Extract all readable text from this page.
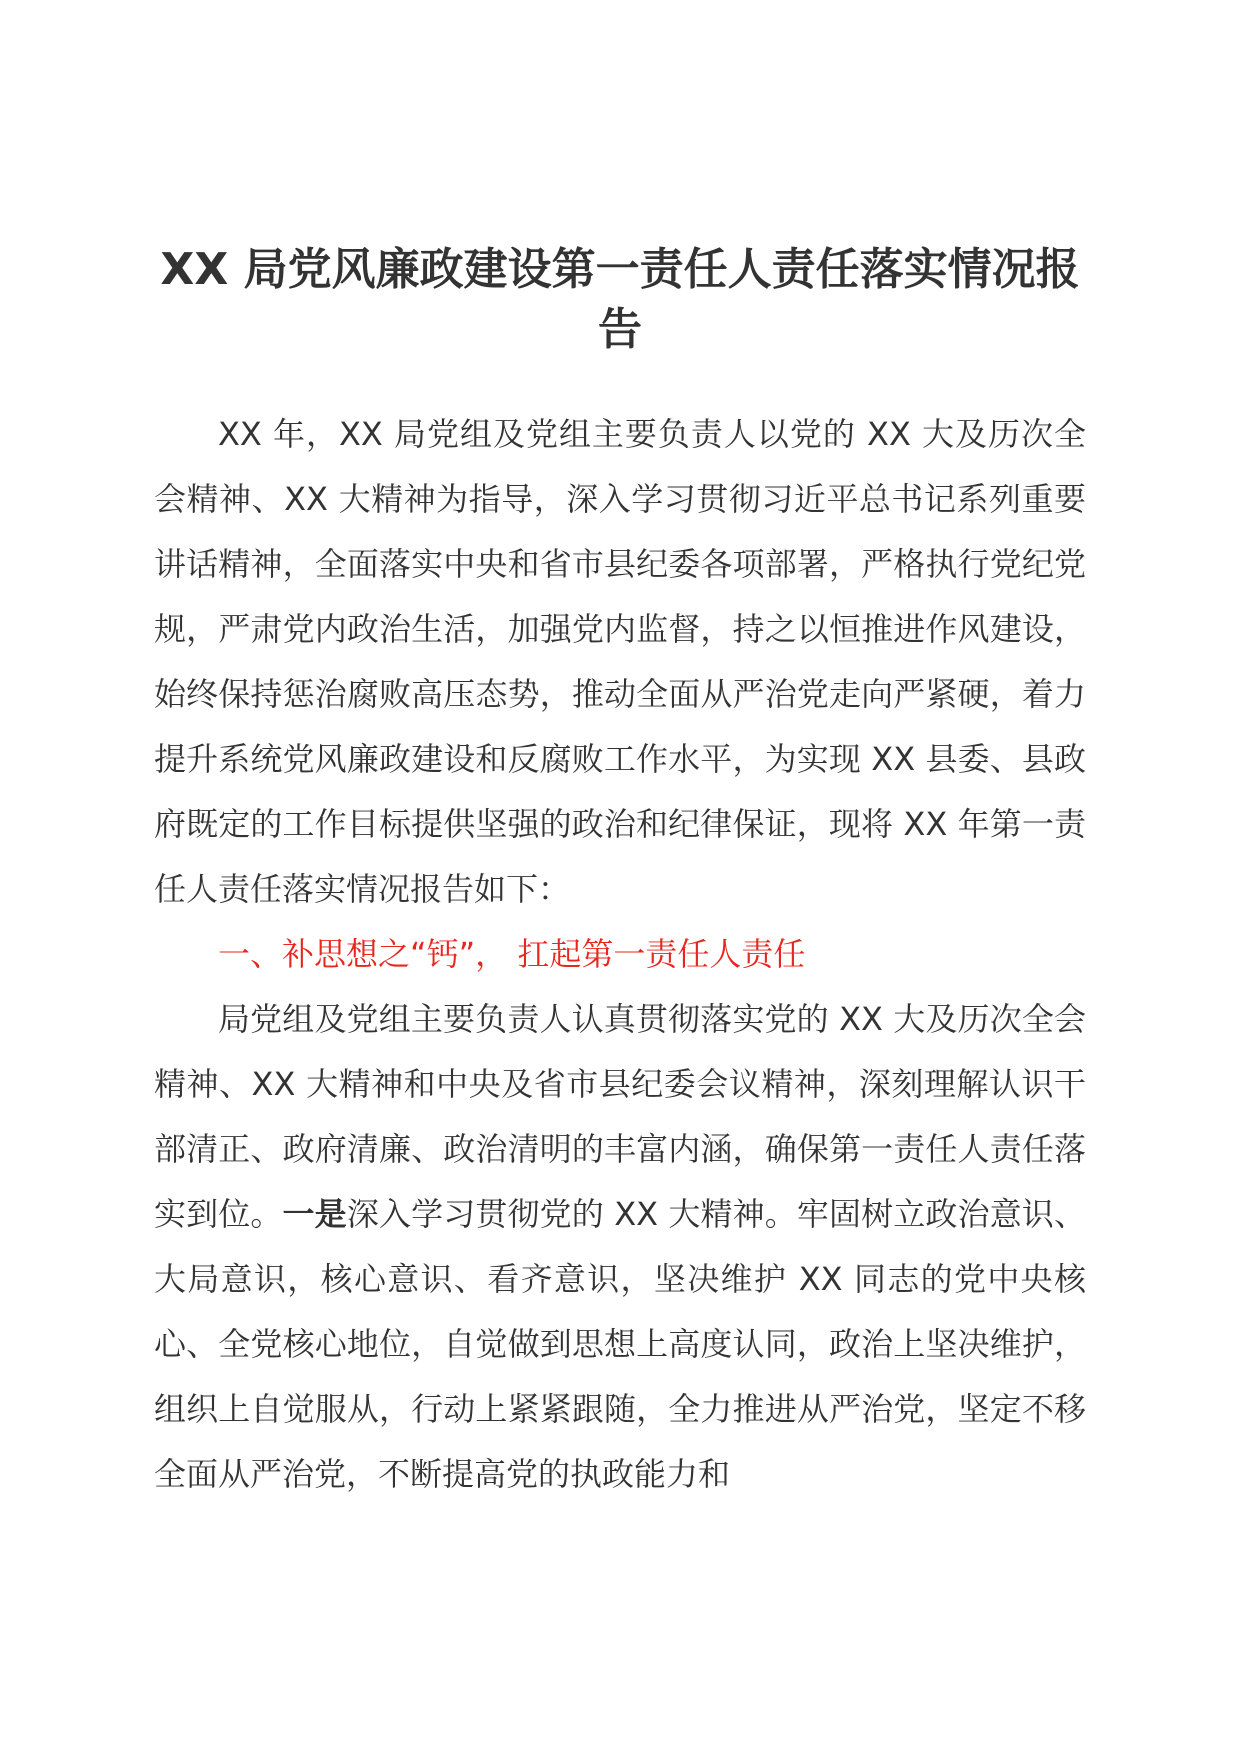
XX 局党风廉政建设第一责任人责任落实情况报告

XX 年，XX 局党组及党组主要负责人以党的 XX 大及历次全会精神、XX 大精神为指导，深入学习贯彻习近平总书记系列重要讲话精神，全面落实中央和省市县纪委各项部署，严格执行党纪党规，严肃党内政治生活，加强党内监督，持之以恒推进作风建设，始终保持惩治腐败高压态势，推动全面从严治党走向严紧硬，着力提升系统党风廉政建设和反腐败工作水平，为实现 XX 县委、县政府既定的工作目标提供坚强的政治和纪律保证，现将 XX 年第一责任人责任落实情况报告如下：

一、补思想之“钙”， 扛起第一责任人责任

局党组及党组主要负责人认真贯彻落实党的 XX 大及历次全会精神、XX 大精神和中央及省市县纪委会议精神，深刻理解认识干部清正、政府清廉、政治清明的丰富内涵，确保第一责任人责任落实到位。一是深入学习贯彻党的 XX 大精神。牢固树立政治意识、大局意识，核心意识、看齐意识，坚决维护 XX 同志的党中央核心、全党核心地位，自觉做到思想上高度认同，政治上坚决维护，组织上自觉服从，行动上紧紧跟随，全力推进从严治党，坚定不移全面从严治党，不断提高党的执政能力和
